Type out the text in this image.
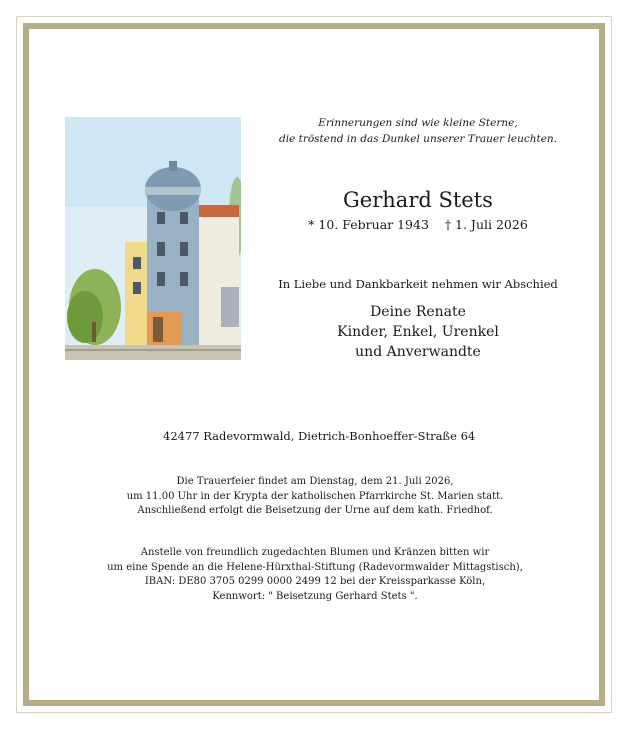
Erinnerungen sind wie kleine Sterne,
die tröstend in das Dunkel unserer Trauer leuchten.
Gerhard Stets
* 10. Februar 1943 † 1. Juli 2026
In Liebe und Dankbarkeit nehmen wir Abschied
Deine Renate
Kinder, Enkel, Urenkel
und Anverwandte
42477 Radevormwald, Dietrich-Bonhoeffer-Straße 64
Die Trauerfeier findet am Dienstag, dem 21. Juli 2026,
um 11.00 Uhr in der Krypta der katholischen Pfarrkirche St. Marien statt.
Anschließend erfolgt die Beisetzung der Urne auf dem kath. Friedhof.
Anstelle von freundlich zugedachten Blumen und Kränzen bitten wir
um eine Spende an die Helene-Hürxthal-Stiftung (Radevormwalder Mittagstisch),
IBAN: DE80 3705 0299 0000 2499 12 bei der Kreissparkasse Köln,
Kennwort: " Beisetzung Gerhard Stets ".
